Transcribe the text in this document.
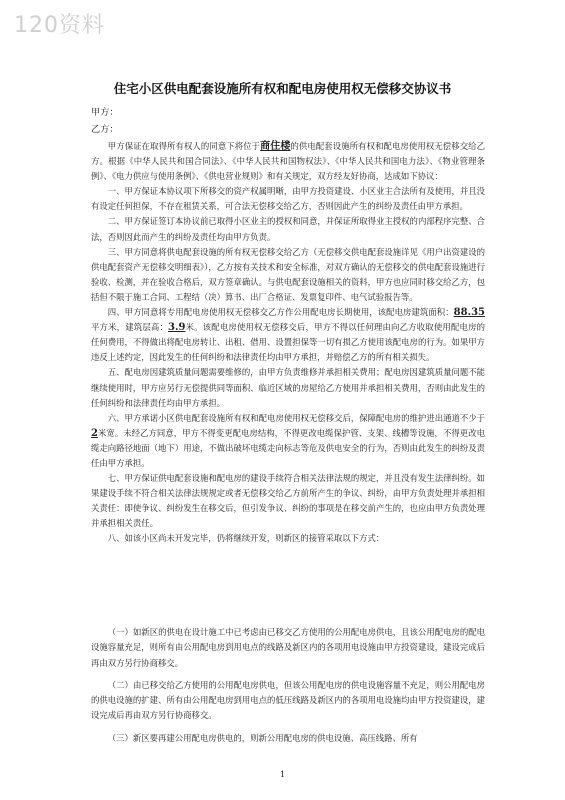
120资料
住宅小区供电配套设施所有权和配电房使用权无偿移交协议书
甲方：
乙方：

甲方保证在取得所有权人的同意下将位于商住楼的供电配套设施所有权和配电房使用权无偿移交给乙方。根据《中华人民共和国合同法》、《中华人民共和国物权法》、《中华人民共和国电力法》、《物业管理条例》、《电力供应与使用条例》、《供电营业规则》和有关规定，双方经友好协商，达成如下协议：

一、甲方保证本协议项下所移交的资产权属明晰，由甲方投资建设、小区业主合法所有及使用，并且没有设定任何担保，不存在租赁关系，可合法无偿移交给乙方，否则因此产生的纠纷及责任由甲方承担。

二、甲方保证签订本协议前已取得小区业主的授权和同意，并保证所取得业主授权的内部程序完整、合法，否则因此而产生的纠纷及责任均由甲方负责。

三、甲方同意将供电配套设施的所有权无偿移交给乙方（无偿移交供电配套设施详见《用户出资建设的供电配套资产无偿移交明细表》），乙方按有关技术和安全标准，对双方确认的无偿移交的供电配套设施进行验收、检测，并在验收合格后，双方签章确认。与供电配套设施相关的资料，甲方也应同时移交给乙方，包括但不限于施工合同、工程结（决）算书、出厂合格证、发票复印件、电气试验报告等。

四、甲方同意将专用配电房使用权无偿移交乙方作公用配电房长期使用，该配电房建筑面积：88.35平方米，建筑层高：3.9米。该配电房使用权无偿移交后，甲方不得以任何理由向乙方收取使用配电房的任何费用，不得做出将配电房转让、出租、借用、设置担保等一切有损乙方使用该配电房的行为。如果甲方违反上述约定，因此发生的任何纠纷和法律责任均由甲方承担，并赔偿乙方的所有相关损失。

五、配电房因建筑质量问题需要维修的，由甲方负责维修并承担相关费用；配电房因建筑质量问题不能继续使用时，甲方应另行无偿提供同等面积、临近区域的房屋给乙方使用并承担相关费用，否则由此发生的任何纠纷和法律责任均由甲方承担。

六、甲方承诺小区供电配套设施所有权和配电房使用权无偿移交后，保障配电房的维护进出通道不少于2米宽。未经乙方同意，甲方不得变更配电房结构，不得更改电缆保护管、支架、线槽等设施，不得更改电缆走向路径地面（地下）用途，不做出破坏电缆走向标志等危及供电安全的行为，否则由此发生的纠纷及责任由甲方承担。

七、甲方保证供电配套设施和配电房的建设手续符合相关法律法规的规定，并且没有发生法律纠纷。如果建设手续不符合相关法律法规规定或者无偿移交给乙方前所产生的争议、纠纷，由甲方负责处理并承担相关责任：即使争议、纠纷发生在移交后，但引发争议、纠纷的事项是在移交前产生的，也应由甲方负责处理并承担相关责任。

八、如该小区尚未开发完毕，仍将继续开发，则新区的接管采取以下方式：

（一）如新区的供电在设计施工中已考虑由已移交乙方使用的公用配电房供电，且该公用配电房的配电设施容量充足，则所有由公用配电房到用电点的线路及新区内的各项用电设施由甲方投资建设，建设完成后再由双方另行协商移交。

（二）由已移交给乙方使用的公用配电房供电，但该公用配电房的供电设施容量不充足，则公用配电房的供电设施的扩建、所有由公用配电房到用电点的低压线路及新区内的各项用电设施均由甲方投资建设，建设完成后再由双方另行协商移交。

（三）新区要再建公用配电房供电的，则新公用配电房的供电设施、高压线路、所有

1
